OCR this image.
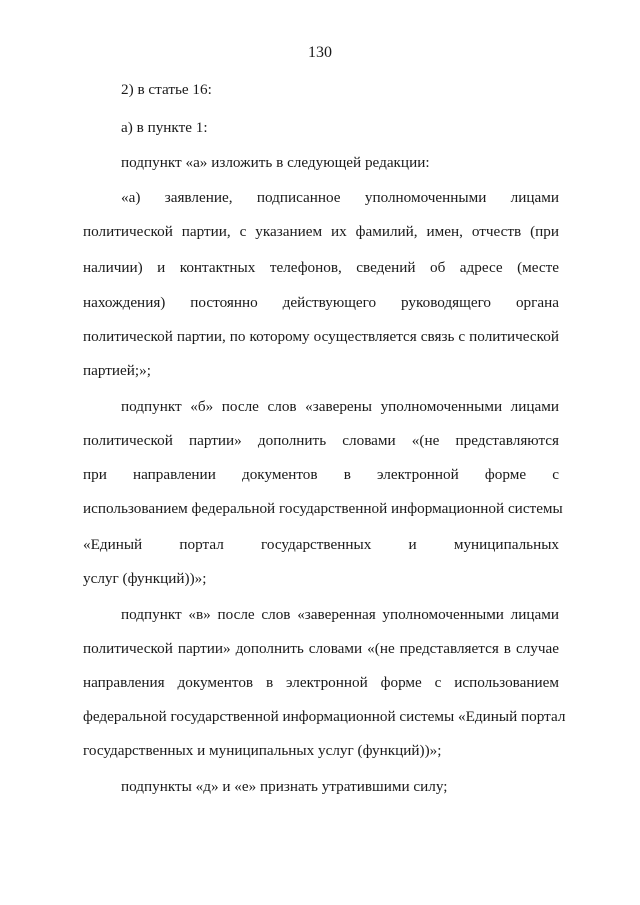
130
2) в статье 16:
а) в пункте 1:
подпункт «а» изложить в следующей редакции:
«а) заявление, подписанное уполномоченными лицами
политической партии, с указанием их фамилий, имен, отчеств (при
наличии) и контактных телефонов, сведений об адресе (месте
нахождения) постоянно действующего руководящего органа
политической партии, по которому осуществляется связь с политической
партией;»;
подпункт «б» после слов «заверены уполномоченными лицами
политической партии» дополнить словами «(не представляются
при направлении документов в электронной форме с
использованием федеральной государственной информационной системы
«Единый портал государственных и муниципальных
услуг (функций))»;
подпункт «в» после слов «заверенная уполномоченными лицами
политической партии» дополнить словами «(не представляется в случае
направления документов в электронной форме с использованием
федеральной государственной информационной системы «Единый портал
государственных и муниципальных услуг (функций))»;
подпункты «д» и «е» признать утратившими силу;
